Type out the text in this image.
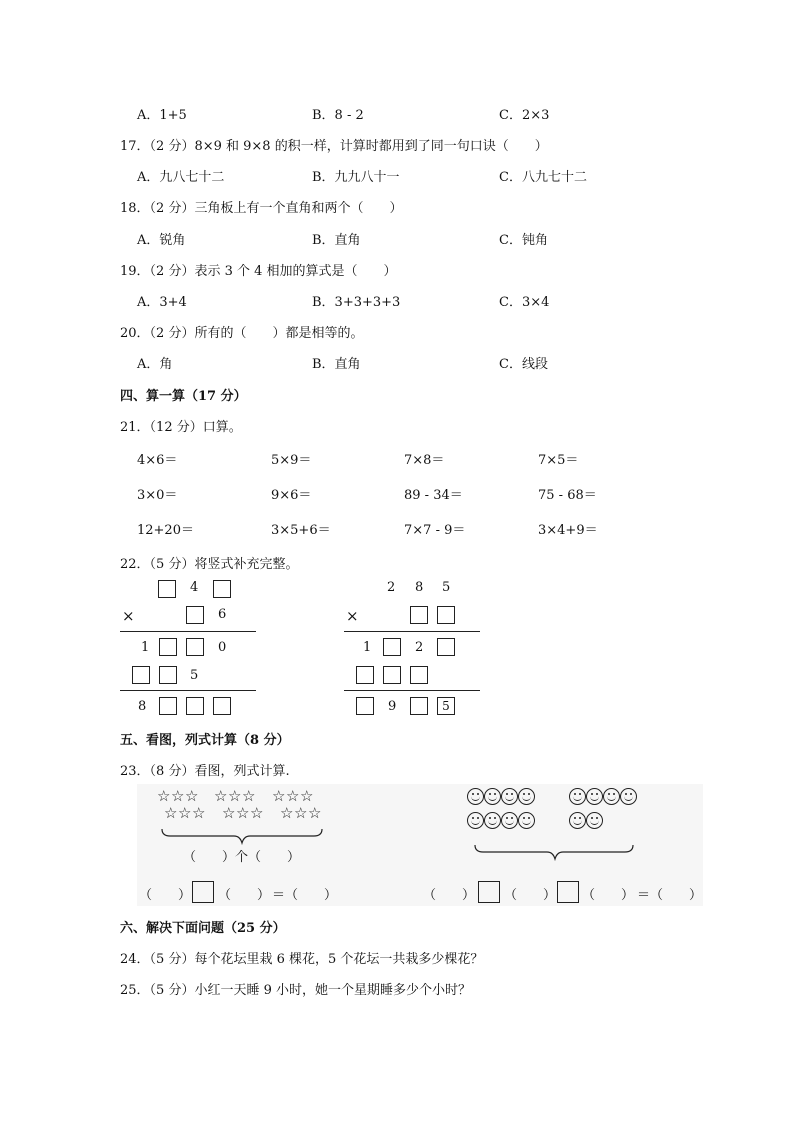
A．1+5	B．8 - 2	C．2×3
17．（2 分）8×9 和 9×8 的积一样，计算时都用到了同一句口诀（　　）
A．九八七十二	B．九九八十一	C．八九七十二
18．（2 分）三角板上有一个直角和两个（　　）
A．锐角	B．直角	C．钝角
19．（2 分）表示 3 个 4 相加的算式是（　　）
A．3+4	B．3+3+3+3	C．3×4
20．（2 分）所有的（　　）都是相等的。
A．角	B．直角	C．线段
四、算一算（17 分）
21．（12 分）口算。
4×6＝	5×9＝	7×8＝	7×5＝
3×0＝	9×6＝	89 - 34＝	75 - 68＝
12+20＝	3×5+6＝	7×7 - 9＝	3×4+9＝
22．（5 分）将竖式补充完整。
4
×	6
1	0
5
8
2 8 5
×
1	2
9	5
五、看图，列式计算（8 分）
23．（8 分）看图，列式计算.
☆ ☆ ☆
☆ ☆ ☆
☆ ☆ ☆
☆ ☆ ☆
☆ ☆ ☆
☆ ☆ ☆
（　　）个（　　）
（　　） （　　） ＝（　　）	（　　） （　　） （　　） ＝（　　）
六、解决下面问题（25 分）
24．（5 分）每个花坛里栽 6 棵花，5 个花坛一共栽多少棵花？
25．（5 分）小红一天睡 9 小时，她一个星期睡多少个小时？
